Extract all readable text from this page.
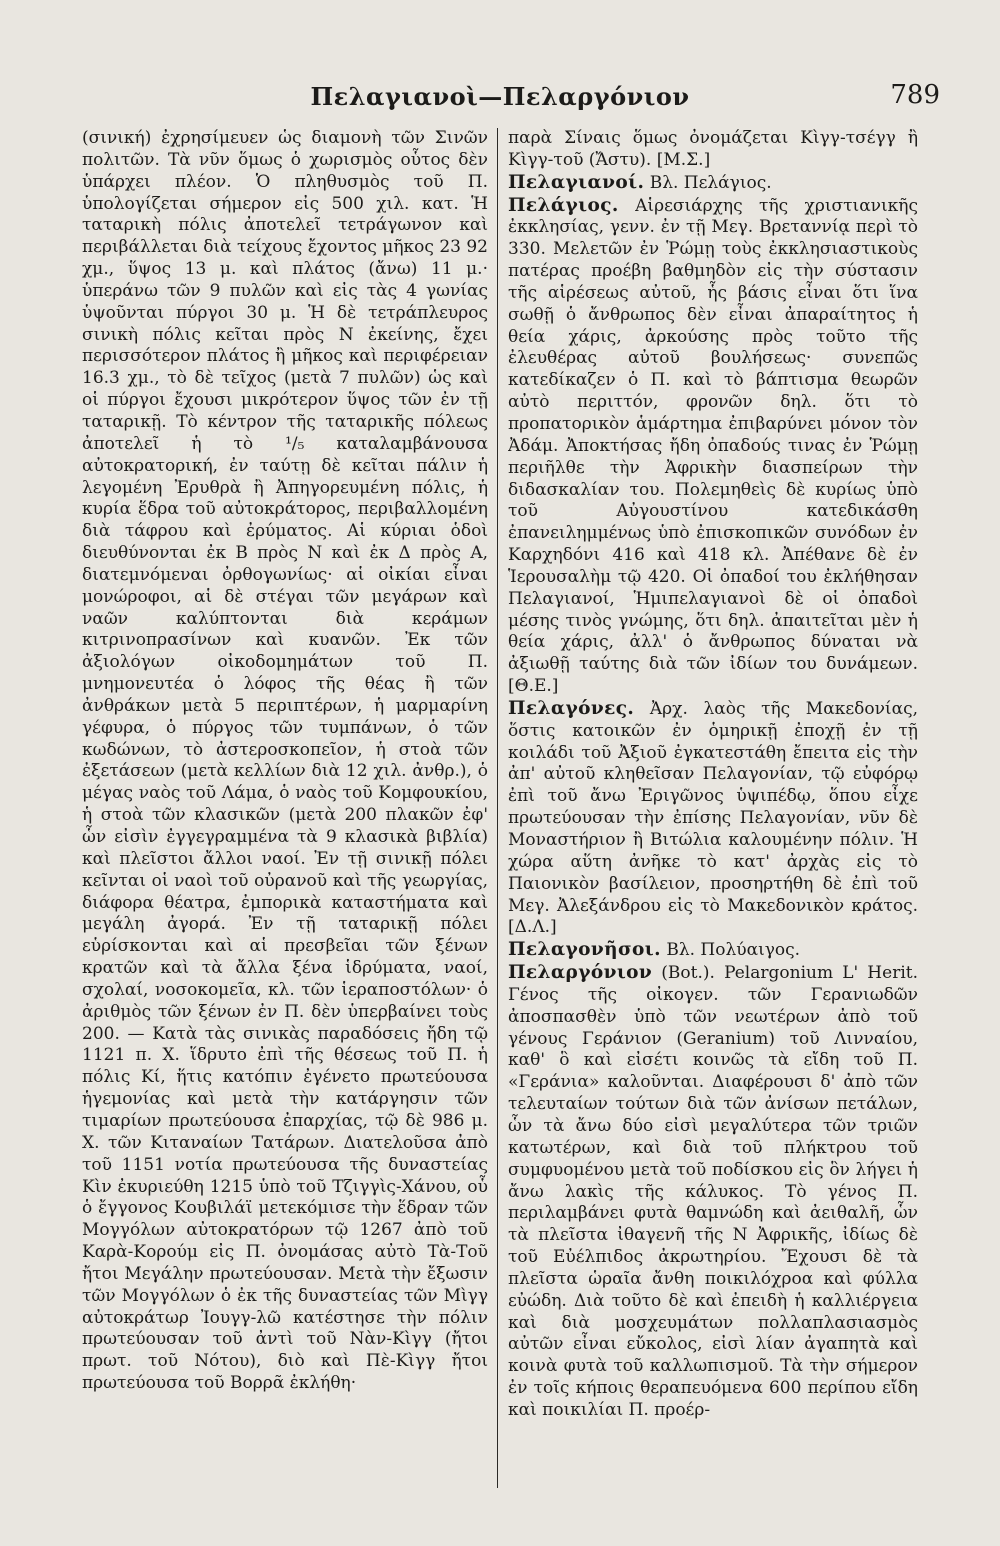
Πελαγιανοὶ—Πελαργόνιον	789

(σινική) ἐχρησίμευεν ὡς διαμονὴ τῶν Σινῶν πολιτῶν. Τὰ νῦν ὅμως ὁ χωρισμὸς οὗτος δὲν ὑπάρχει πλέον. Ὁ πληθυσμὸς τοῦ Π. ὑπολογίζεται σήμερον εἰς 500 χιλ. κατ. Ἡ ταταρικὴ πόλις ἀποτελεῖ τετράγωνον καὶ περιβάλλεται διὰ τείχους ἔχοντος μῆκος 23 92 χμ., ὕψος 13 μ. καὶ πλάτος (ἄνω) 11 μ.· ὑπεράνω τῶν 9 πυλῶν καὶ εἰς τὰς 4 γωνίας ὑψοῦνται πύργοι 30 μ. Ἡ δὲ τετράπλευρος σινικὴ πόλις κεῖται πρὸς Ν ἐκείνης, ἔχει περισσότερον πλάτος ἢ μῆκος καὶ περιφέρειαν 16.3 χμ., τὸ δὲ τεῖχος (μετὰ 7 πυλῶν) ὡς καὶ οἱ πύργοι ἔχουσι μικρότερον ὕψος τῶν ἐν τῇ ταταρικῇ. Τὸ κέντρον τῆς ταταρικῆς πόλεως ἀποτελεῖ ἡ τὸ ¹/₅ καταλαμβάνουσα αὐτοκρατορική, ἐν ταύτῃ δὲ κεῖται πάλιν ἡ λεγομένη Ἐρυθρὰ ἢ Ἀπηγορευμένη πόλις, ἡ κυρία ἕδρα τοῦ αὐτοκράτορος, περιβαλλομένη διὰ τάφρου καὶ ἐρύματος. Αἱ κύριαι ὁδοὶ διευθύνονται ἐκ Β πρὸς Ν καὶ ἐκ Δ πρὸς Α, διατεμνόμεναι ὀρθογωνίως· αἱ οἰκίαι εἶναι μονώροφοι, αἱ δὲ στέγαι τῶν μεγάρων καὶ ναῶν καλύπτονται διὰ κεράμων κιτρινοπρασίνων καὶ κυανῶν. Ἐκ τῶν ἀξιολόγων οἰκοδομημάτων τοῦ Π. μνημονευτέα ὁ λόφος τῆς θέας ἢ τῶν ἀνθράκων μετὰ 5 περιπτέρων, ἡ μαρμαρίνη γέφυρα, ὁ πύργος τῶν τυμπάνων, ὁ τῶν κωδώνων, τὸ ἀστεροσκοπεῖον, ἡ στοὰ τῶν ἐξετάσεων (μετὰ κελλίων διὰ 12 χιλ. ἀνθρ.), ὁ μέγας ναὸς τοῦ Λάμα, ὁ ναὸς τοῦ Κομφουκίου, ἡ στοὰ τῶν κλασικῶν (μετὰ 200 πλακῶν ἐφ' ὧν εἰσὶν ἐγγεγραμμένα τὰ 9 κλασικὰ βιβλία) καὶ πλεῖστοι ἄλλοι ναοί. Ἐν τῇ σινικῇ πόλει κεῖνται οἱ ναοὶ τοῦ οὐρανοῦ καὶ τῆς γεωργίας, διάφορα θέατρα, ἐμπορικὰ καταστήματα καὶ μεγάλη ἀγορά. Ἐν τῇ ταταρικῇ πόλει εὑρίσκονται καὶ αἱ πρεσβεῖαι τῶν ξένων κρατῶν καὶ τὰ ἄλλα ξένα ἱδρύματα, ναοί, σχολαί, νοσοκομεῖα, κλ. τῶν ἱεραποστόλων· ὁ ἀριθμὸς τῶν ξένων ἐν Π. δὲν ὑπερβαίνει τοὺς 200. — Κατὰ τὰς σινικὰς παραδόσεις ἤδη τῷ 1121 π. Χ. ἵδρυτο ἐπὶ τῆς θέσεως τοῦ Π. ἡ πόλις Κί, ἥτις κατόπιν ἐγένετο πρωτεύουσα ἡγεμονίας καὶ μετὰ τὴν κατάργησιν τῶν τιμαρίων πρωτεύουσα ἐπαρχίας, τῷ δὲ 986 μ. Χ. τῶν Κιταναίων Τατάρων. Διατελοῦσα ἀπὸ τοῦ 1151 νοτία πρωτεύουσα τῆς δυναστείας Κὶν ἐκυριεύθη 1215 ὑπὸ τοῦ Τζιγγὶς-Χάνου, οὗ ὁ ἔγγονος Κουβιλάϊ μετεκόμισε τὴν ἕδραν τῶν Μογγόλων αὐτοκρατόρων τῷ 1267 ἀπὸ τοῦ Καρὰ-Κορούμ εἰς Π. ὀνομάσας αὐτὸ Τὰ-Τοῦ ἤτοι Μεγάλην πρωτεύουσαν. Μετὰ τὴν ἔξωσιν τῶν Μογγόλων ὁ ἐκ τῆς δυναστείας τῶν Μὶγγ αὐτοκράτωρ Ἰουγγ-λῶ κατέστησε τὴν πόλιν πρωτεύουσαν τοῦ ἀντὶ τοῦ Νὰν-Κὶγγ (ἤτοι πρωτ. τοῦ Νότου), διὸ καὶ Πὲ-Κὶγγ ἤτοι πρωτεύουσα τοῦ Βορρᾶ ἐκλήθη·

παρὰ Σίναις ὅμως ὀνομάζεται Κὶγγ-τσέγγ ἢ Κὶγγ-τοῦ (Ἄστυ). [Μ.Σ.]

Πελαγιανοί. Βλ. Πελάγιος.

Πελάγιος. Αἱρεσιάρχης τῆς χριστιανικῆς ἐκκλησίας, γενν. ἐν τῇ Μεγ. Βρεταννίᾳ περὶ τὸ 330. Μελετῶν ἐν Ῥώμῃ τοὺς ἐκκλησιαστικοὺς πατέρας προέβη βαθμηδὸν εἰς τὴν σύστασιν τῆς αἱρέσεως αὐτοῦ, ἧς βάσις εἶναι ὅτι ἵνα σωθῇ ὁ ἄνθρωπος δὲν εἶναι ἀπαραίτητος ἡ θεία χάρις, ἀρκούσης πρὸς τοῦτο τῆς ἐλευθέρας αὐτοῦ βουλήσεως· συνεπῶς κατεδίκαζεν ὁ Π. καὶ τὸ βάπτισμα θεωρῶν αὐτὸ περιττόν, φρονῶν δηλ. ὅτι τὸ προπατορικὸν ἁμάρτημα ἐπιβαρύνει μόνον τὸν Ἀδάμ. Ἀποκτήσας ἤδη ὀπαδούς τινας ἐν Ῥώμῃ περιῆλθε τὴν Ἀφρικὴν διασπείρων τὴν διδασκαλίαν του. Πολεμηθεὶς δὲ κυρίως ὑπὸ τοῦ Αὐγουστίνου κατεδικάσθη ἐπανειλημμένως ὑπὸ ἐπισκοπικῶν συνόδων ἐν Καρχηδόνι 416 καὶ 418 κλ. Ἀπέθανε δὲ ἐν Ἱερουσαλὴμ τῷ 420. Οἱ ὀπαδοί του ἐκλήθησαν Πελαγιανοί, Ἡμιπελαγιανοὶ δὲ οἱ ὀπαδοὶ μέσης τινὸς γνώμης, ὅτι δηλ. ἀπαιτεῖται μὲν ἡ θεία χάρις, ἀλλ' ὁ ἄνθρωπος δύναται νὰ ἀξιωθῇ ταύτης διὰ τῶν ἰδίων του δυνάμεων. [Θ.Ε.]

Πελαγόνες. Ἀρχ. λαὸς τῆς Μακεδονίας, ὅστις κατοικῶν ἐν ὁμηρικῇ ἐποχῇ ἐν τῇ κοιλάδι τοῦ Ἀξιοῦ ἐγκατεστάθη ἔπειτα εἰς τὴν ἀπ' αὐτοῦ κληθεῖσαν Πελαγονίαν, τῷ εὐφόρῳ ἐπὶ τοῦ ἄνω Ἐριγῶνος ὑψιπέδῳ, ὅπου εἶχε πρωτεύουσαν τὴν ἐπίσης Πελαγονίαν, νῦν δὲ Μοναστήριον ἢ Βιτώλια καλουμένην πόλιν. Ἡ χώρα αὕτη ἀνῆκε τὸ κατ' ἀρχὰς εἰς τὸ Παιονικὸν βασίλειον, προσηρτήθη δὲ ἐπὶ τοῦ Μεγ. Ἀλεξάνδρου εἰς τὸ Μακεδονικὸν κράτος. [Δ.Λ.]

Πελαγονῆσοι. Βλ. Πολύαιγος.

Πελαργόνιον (Bot.). Pelargonium L' Herit. Γένος τῆς οἰκογεν. τῶν Γερανιωδῶν ἀποσπασθὲν ὑπὸ τῶν νεωτέρων ἀπὸ τοῦ γένους Γεράνιον (Geranium) τοῦ Λινναίου, καθ' ὃ καὶ εἰσέτι κοινῶς τὰ εἴδη τοῦ Π. «Γεράνια» καλοῦνται. Διαφέρουσι δ' ἀπὸ τῶν τελευταίων τούτων διὰ τῶν ἀνίσων πετάλων, ὧν τὰ ἄνω δύο εἰσὶ μεγαλύτερα τῶν τριῶν κατωτέρων, καὶ διὰ τοῦ πλήκτρου τοῦ συμφυομένου μετὰ τοῦ ποδίσκου εἰς ὃν λήγει ἡ ἄνω λακὶς τῆς κάλυκος. Τὸ γένος Π. περιλαμβάνει φυτὰ θαμνώδη καὶ ἀειθαλῆ, ὧν τὰ πλεῖστα ἰθαγενῆ τῆς Ν Ἀφρικῆς, ἰδίως δὲ τοῦ Εὐέλπιδος ἀκρωτηρίου. Ἔχουσι δὲ τὰ πλεῖστα ὡραῖα ἄνθη ποικιλόχροα καὶ φύλλα εὐώδη. Διὰ τοῦτο δὲ καὶ ἐπειδὴ ἡ καλλιέργεια καὶ διὰ μοσχευμάτων πολλαπλασιασμὸς αὐτῶν εἶναι εὔκολος, εἰσὶ λίαν ἀγαπητὰ καὶ κοινὰ φυτὰ τοῦ καλλωπισμοῦ. Τὰ τὴν σήμερον ἐν τοῖς κήποις θεραπευόμενα 600 περίπου εἴδη καὶ ποικιλίαι Π. προέρ-
